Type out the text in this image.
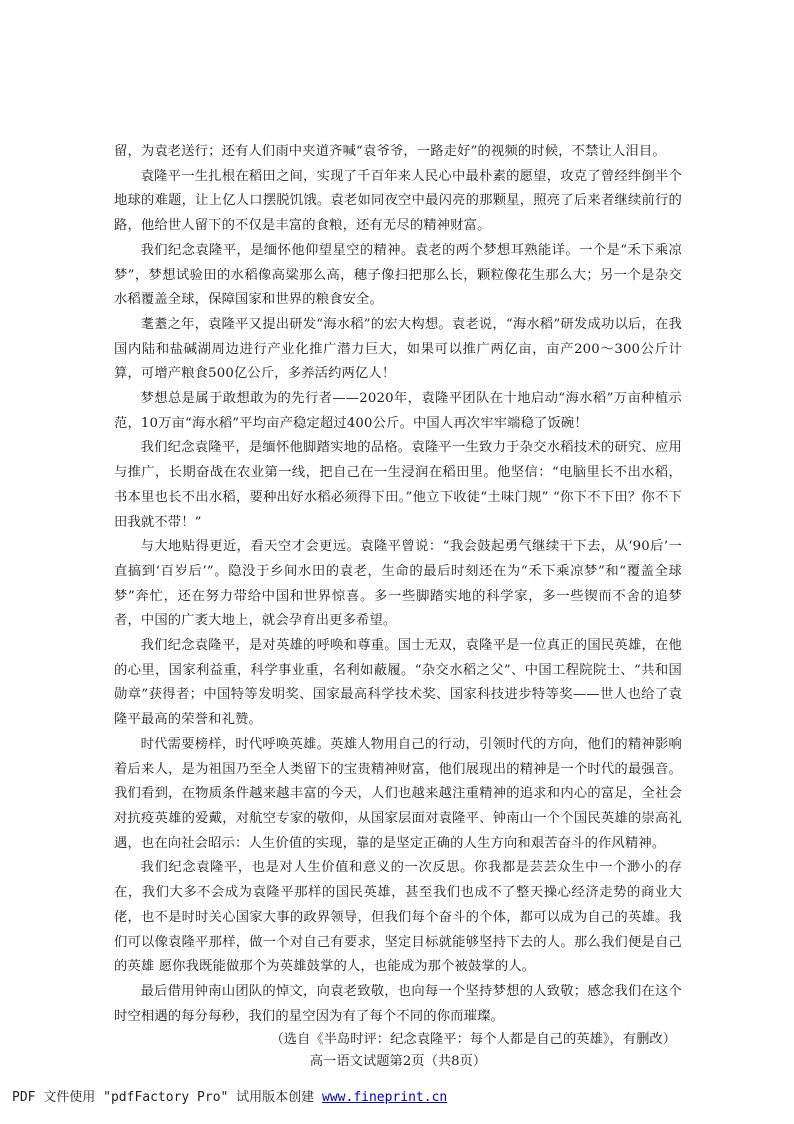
留，为袁老送行；还有人们雨中夹道齐喊“袁爷爷，一路走好”的视频的时候，不禁让人泪目。

袁隆平一生扎根在稻田之间，实现了千百年来人民心中最朴素的愿望，攻克了曾经绊倒半个地球的难题，让上亿人口摆脱饥饿。袁老如同夜空中最闪亮的那颗星，照亮了后来者继续前行的路，他给世人留下的不仅是丰富的食粮，还有无尽的精神财富。

我们纪念袁隆平，是缅怀他仰望星空的精神。袁老的两个梦想耳熟能详。一个是“禾下乘凉梦”，梦想试验田的水稻像高粱那么高，穗子像扫把那么长，颗粒像花生那么大；另一个是杂交水稻覆盖全球，保障国家和世界的粮食安全。

耄耋之年，袁隆平又提出研发“海水稻”的宏大构想。袁老说，“海水稻”研发成功以后，在我国内陆和盐碱湖周边进行产业化推广潜力巨大，如果可以推广两亿亩，亩产200～300公斤计算，可增产粮食500亿公斤，多养活约两亿人！

梦想总是属于敢想敢为的先行者——2020年，袁隆平团队在十地启动“海水稻”万亩种植示范，10万亩“海水稻”平均亩产稳定超过400公斤。中国人再次牢牢端稳了饭碗！

我们纪念袁隆平，是缅怀他脚踏实地的品格。袁隆平一生致力于杂交水稻技术的研究、应用与推广，长期奋战在农业第一线，把自己在一生浸润在稻田里。他坚信：“电脑里长不出水稻，书本里也长不出水稻，要种出好水稻必须得下田。”他立下收徒“土味门规” “你下不下田？你不下田我就不带！”

与大地贴得更近，看天空才会更远。袁隆平曾说：“我会鼓起勇气继续干下去，从‘90后’一直搞到‘百岁后’”。隐没于乡间水田的袁老，生命的最后时刻还在为“禾下乘凉梦”和“覆盖全球梦”奔忙，还在努力带给中国和世界惊喜。多一些脚踏实地的科学家，多一些锲而不舍的追梦者，中国的广袤大地上，就会孕育出更多希望。

我们纪念袁隆平，是对英雄的呼唤和尊重。国士无双，袁隆平是一位真正的国民英雄，在他的心里，国家利益重，科学事业重，名利如蔽履。“杂交水稻之父”、中国工程院院士、“共和国勋章”获得者；中国特等发明奖、国家最高科学技术奖、国家科技进步特等奖——世人也给了袁隆平最高的荣誉和礼赞。

时代需要榜样，时代呼唤英雄。英雄人物用自己的行动，引领时代的方向，他们的精神影响着后来人，是为祖国乃至全人类留下的宝贵精神财富，他们展现出的精神是一个时代的最强音。我们看到，在物质条件越来越丰富的今天，人们也越来越注重精神的追求和内心的富足，全社会对抗疫英雄的爱戴，对航空专家的敬仰，从国家层面对袁隆平、钟南山一个个国民英雄的崇高礼遇，也在向社会昭示：人生价值的实现，靠的是坚定正确的人生方向和艰苦奋斗的作风精神。

我们纪念袁隆平，也是对人生价值和意义的一次反思。你我都是芸芸众生中一个渺小的存在，我们大多不会成为袁隆平那样的国民英雄，甚至我们也成不了整天操心经济走势的商业大佬，也不是时时关心国家大事的政界领导，但我们每个奋斗的个体，都可以成为自己的英雄。我们可以像袁隆平那样，做一个对自己有要求，坚定目标就能够坚持下去的人。那么我们便是自己的英雄 愿你我既能做那个为英雄鼓掌的人，也能成为那个被鼓掌的人。

最后借用钟南山团队的悼文，向袁老致敬，也向每一个坚持梦想的人致敬；感念我们在这个时空相遇的每分每秒，我们的星空因为有了每个不同的你而璀璨。

（选自《半岛时评：纪念袁隆平：每个人都是自己的英雄》，有删改）

高一语文试题第2页（共8页）

PDF 文件使用 "pdfFactory Pro" 试用版本创建 www.fineprint.cn
